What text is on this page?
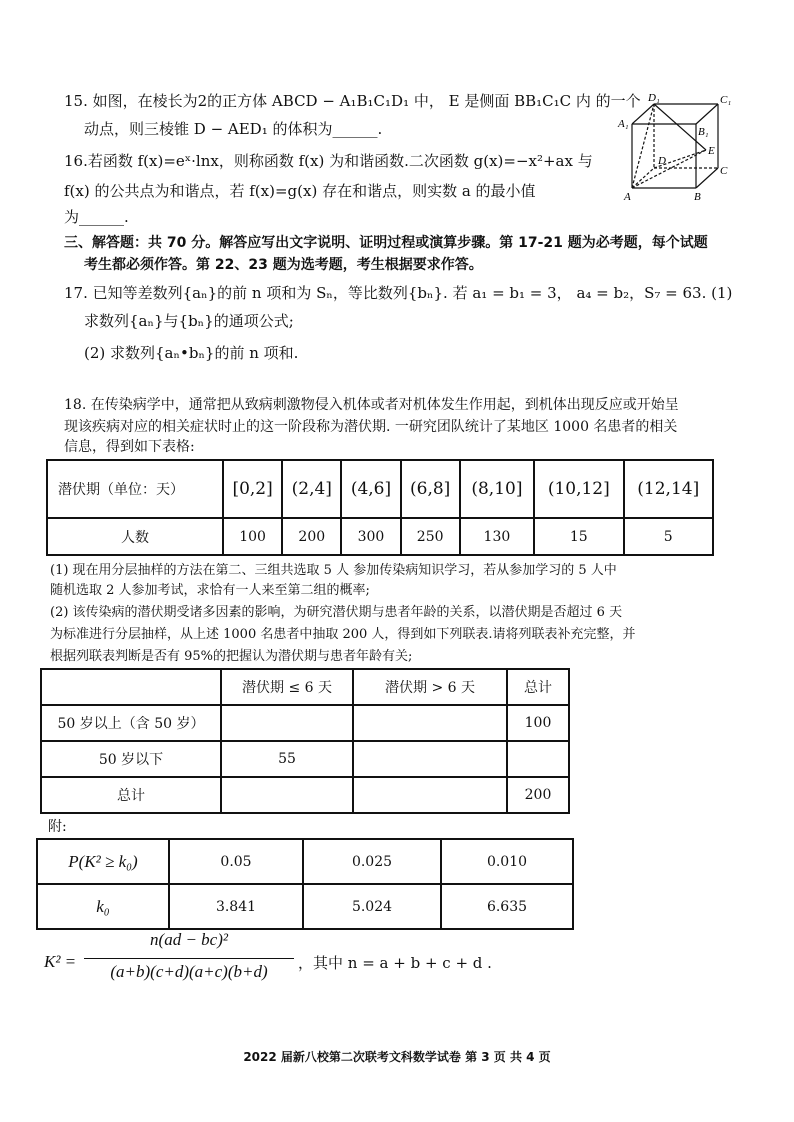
15. 如图，在棱长为2的正方体 ABCD − A₁B₁C₁D₁ 中， E 是侧面 BB₁C₁C 内 的一个
动点，则三棱锥 D − AED₁ 的体积为______.
D₁	C₁
A₁
B₁
E
D
C
A	B
16.若函数 f(x)=eˣ·lnx，则称函数 f(x) 为和谐函数.二次函数 g(x)=−x²+ax 与
f(x) 的公共点为和谐点，若 f(x)=g(x) 存在和谐点，则实数 a 的最小值
为______.
三、解答题：共 70 分。解答应写出文字说明、证明过程或演算步骤。第 17-21 题为必考题，每个试题
考生都必须作答。第 22、23 题为选考题，考生根据要求作答。
17. 已知等差数列{aₙ}的前 n 项和为 Sₙ，等比数列{bₙ}. 若 a₁ = b₁ = 3， a₄ = b₂，S₇ = 63. (1)
求数列{aₙ}与{bₙ}的通项公式;
(2) 求数列{aₙ•bₙ}的前 n 项和.
18. 在传染病学中，通常把从致病刺激物侵入机体或者对机体发生作用起，到机体出现反应或开始呈
现该疾病对应的相关症状时止的这一阶段称为潜伏期. 一研究团队统计了某地区 1000 名患者的相关
信息，得到如下表格:
潜伏期（单位：天）	[0,2]	(2,4]	(4,6]	(6,8]	(8,10]	(10,12]	(12,14]
人数	100	200	300	250	130	15	5
(1) 现在用分层抽样的方法在第二、三组共选取 5 人 参加传染病知识学习，若从参加学习的 5 人中
随机选取 2 人参加考试，求恰有一人来至第二组的概率;
(2) 该传染病的潜伏期受诸多因素的影响，为研究潜伏期与患者年龄的关系，以潜伏期是否超过 6 天
为标准进行分层抽样，从上述 1000 名患者中抽取 200 人，得到如下列联表.请将列联表补充完整，并
根据列联表判断是否有 95%的把握认为潜伏期与患者年龄有关;
	潜伏期 ≤ 6 天	潜伏期 > 6 天	总计
50 岁以上（含 50 岁）			100
50 岁以下	55		
总计			200
附:
P(K² ≥ k₀)	0.05	0.025	0.010
k₀	3.841	5.024	6.635
K² =
n(ad − bc)²
(a+b)(c+d)(a+c)(b+d)	，其中 n = a + b + c + d .
2022 届新八校第二次联考文科数学试卷 第 3 页 共 4 页
